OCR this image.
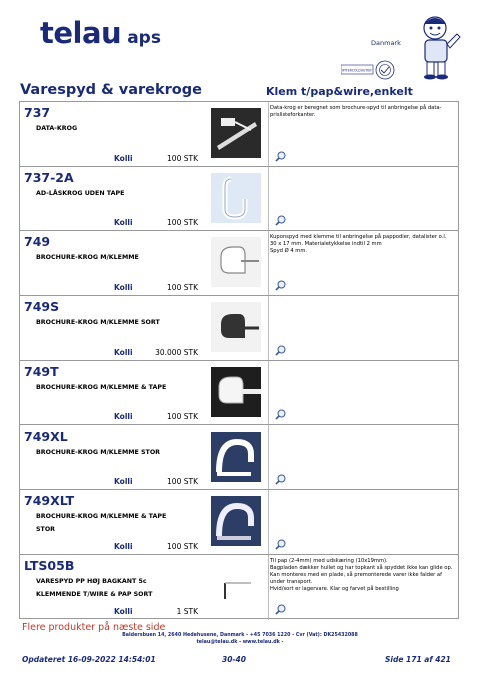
telau aps	Danmark
IPITERCOLDUUTIEF
Varespyd & varekroge	Klem t/pap&wire,enkelt
737
DATA-KROG
Kolli	100 STK
Data-krog er beregnet som brochure-spyd til anbringelse på data-prislisteforkanter.
737-2A
AD-LÅSKROG UDEN TAPE
Kolli	100 STK
749
BROCHURE-KROG M/KLEMME
Kolli	100 STK
Kuponspyd med klemme til anbringelse på pappodier, datalister o.l.
30 x 17 mm. Materialetykkelse indtil 2 mm
Spyd Ø 4 mm.
749S
BROCHURE-KROG M/KLEMME SORT
Kolli	30.000 STK
749T
BROCHURE-KROG M/KLEMME & TAPE
Kolli	100 STK
749XL
BROCHURE-KROG M/KLEMME STOR
Kolli	100 STK
749XLT
BROCHURE-KROG M/KLEMME & TAPE
STOR
Kolli	100 STK
LTS05B
VARESPYD PP HØJ BAGKANT 5c
KLEMMENDE T/WIRE & PAP SORT
Kolli	1 STK
Til pap (2-4mm) med udskæring (10x19mm).
Bagpladen dækker hullet og har topkant så spyddet ikke kan glide op. Kan monteres med en plade, så premonterede varer ikke falder af under transport.
Hvid/sort er lagervare. Klar og farvet på bestilling
Flere produkter på næste side
Baldersbuen 14, 2640 Hedehusene, Danmark - +45 7036 1220 - Cvr (Vat): DK25432088
telau@telau.dk - www.telau.dk -
Opdateret 16-09-2022 14:54:01	30-40	Side 171 af 421
